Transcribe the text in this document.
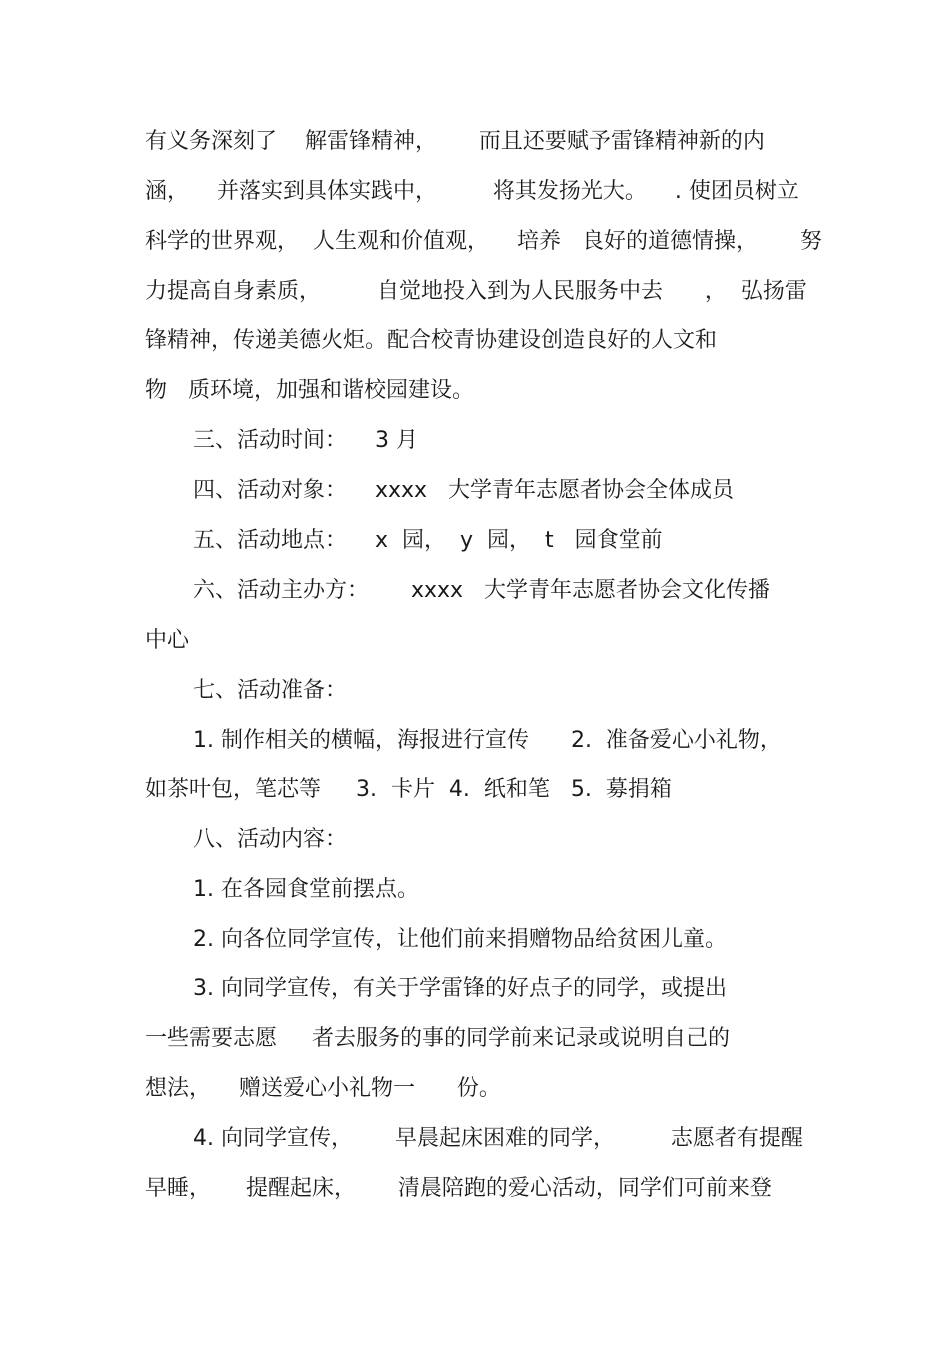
有义务深刻了    解雷锋精神，      而且还要赋予雷锋精神新的内
涵，    并落实到具体实践中，        将其发扬光大。    . 使团员树立
科学的世界观，  人生观和价值观，    培养   良好的道德情操，      努
力提高自身素质，        自觉地投入到为人民服务中去      ，  弘扬雷
锋精神，传递美德火炬。配合校青协建设创造良好的人文和
物   质环境，加强和谐校园建设。
三、活动时间：    3 月
四、活动对象：    xxxx   大学青年志愿者协会全体成员
五、活动地点：    x  园，  y  园，  t   园食堂前
六、活动主办方：      xxxx   大学青年志愿者协会文化传播
中心
七、活动准备：
1. 制作相关的横幅，海报进行宣传      2.  准备爱心小礼物，
如茶叶包，笔芯等     3.  卡片  4.  纸和笔   5.  募捐箱
八、活动内容：
1. 在各园食堂前摆点。
2. 向各位同学宣传，让他们前来捐赠物品给贫困儿童。
3. 向同学宣传，有关于学雷锋的好点子的同学，或提出
一些需要志愿     者去服务的事的同学前来记录或说明自己的
想法，    赠送爱心小礼物一      份。
4. 向同学宣传，      早晨起床困难的同学，        志愿者有提醒
早睡，     提醒起床，      清晨陪跑的爱心活动，同学们可前来登
